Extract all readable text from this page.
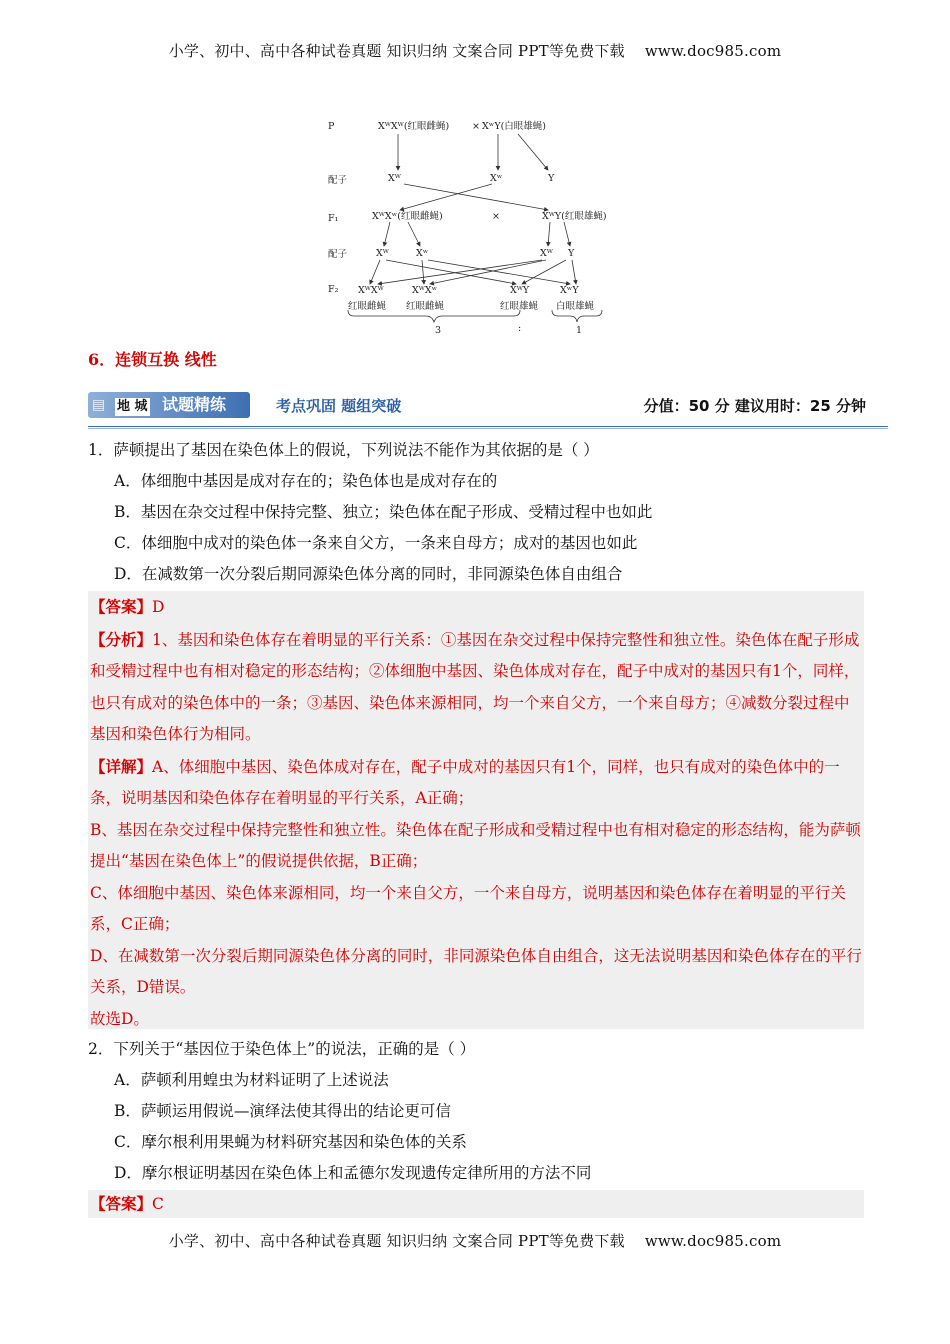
小学、初中、高中各种试卷真题 知识归纳 文案合同 PPT等免费下载 www.doc985.com
P	XᵂXᵂ(红眼雌蝇) × XʷY(白眼雄蝇)
配子	Xᵂ	Xʷ	Y
F₁	XᵂXʷ(红眼雌蝇)	×	XᵂY(红眼雄蝇)
配子	Xᵂ	Xʷ	Xᵂ Y
F₂ XᵂXᵂ	XᵂXʷ	XᵂY	XʷY
红眼雌蝇 红眼雌蝇	红眼雄蝇 白眼雄蝇
3	:	1
6．连锁互换 线性
▤ 地 城 试题精练	考点巩固 题组突破	分值：50 分 建议用时：25 分钟
1．萨顿提出了基因在染色体上的假说，下列说法不能作为其依据的是（ ）
A．体细胞中基因是成对存在的；染色体也是成对存在的
B．基因在杂交过程中保持完整、独立；染色体在配子形成、受精过程中也如此
C．体细胞中成对的染色体一条来自父方，一条来自母方；成对的基因也如此
D．在减数第一次分裂后期同源染色体分离的同时，非同源染色体自由组合

【答案】D

【分析】1、基因和染色体存在着明显的平行关系：①基因在杂交过程中保持完整性和独立性。染色体在配子形成和受精过程中也有相对稳定的形态结构；②体细胞中基因、染色体成对存在，配子中成对的基因只有1个，同样，也只有成对的染色体中的一条；③基因、染色体来源相同，均一个来自父方，一个来自母方；④减数分裂过程中基因和染色体行为相同。

【详解】A、体细胞中基因、染色体成对存在，配子中成对的基因只有1个，同样，也只有成对的染色体中的一条，说明基因和染色体存在着明显的平行关系，A正确；

B、基因在杂交过程中保持完整性和独立性。染色体在配子形成和受精过程中也有相对稳定的形态结构，能为萨顿提出“基因在染色体上”的假说提供依据，B正确；

C、体细胞中基因、染色体来源相同，均一个来自父方，一个来自母方，说明基因和染色体存在着明显的平行关系，C正确；

D、在减数第一次分裂后期同源染色体分离的同时，非同源染色体自由组合，这无法说明基因和染色体存在的平行关系，D错误。

故选D。

2．下列关于“基因位于染色体上”的说法，正确的是（ ）
A．萨顿利用蝗虫为材料证明了上述说法
B．萨顿运用假说—演绎法使其得出的结论更可信
C．摩尔根利用果蝇为材料研究基因和染色体的关系
D．摩尔根证明基因在染色体上和孟德尔发现遗传定律所用的方法不同

【答案】C

小学、初中、高中各种试卷真题 知识归纳 文案合同 PPT等免费下载 www.doc985.com
